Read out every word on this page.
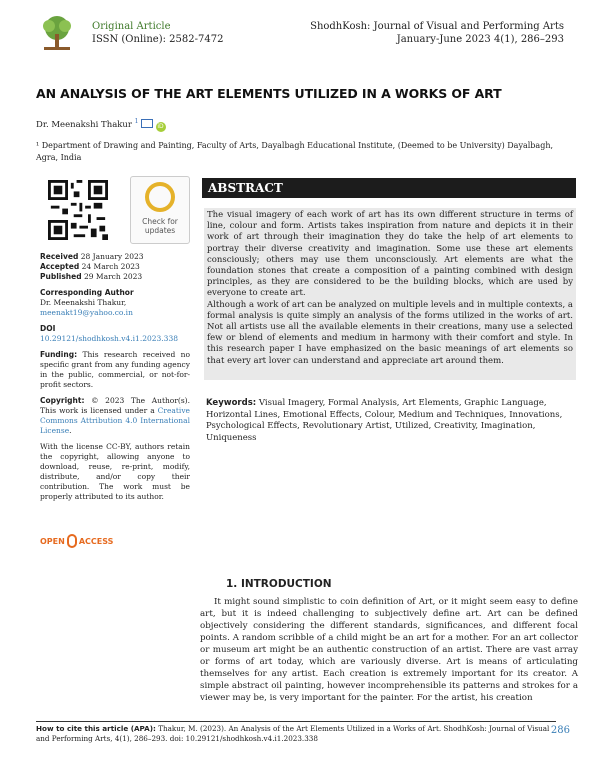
Original Article
ISSN (Online): 2582-7472
ShodhKosh: Journal of Visual and Performing Arts
January-June 2023 4(1), 286–293
AN ANALYSIS OF THE ART ELEMENTS UTILIZED IN A WORKS OF ART
Dr. Meenakshi Thakur $^1$iD
¹ Department of Drawing and Painting, Faculty of Arts, Dayalbagh Educational Institute, (Deemed to be University) Dayalbagh, Agra, India
Check for
updates

Received 28 January 2023

Accepted 24 March 2023

Published 29 March 2023

Corresponding Author

Dr. Meenakshi Thakur,

meenakt19@yahoo.co.in

DOI

10.29121/shodhkosh.v4.i1.2023.338

Funding: This research received no specific grant from any funding agency in the public, commercial, or not-for-profit sectors.

Copyright: © 2023 The Author(s). This work is licensed under a Creative Commons Attribution 4.0 International License.

With the license CC-BY, authors retain the copyright, allowing anyone to download, reuse, re-print, modify, distribute, and/or copy their contribution. The work must be properly attributed to its author.

OPEN ACCESS
ABSTRACT

The visual imagery of each work of art has its own different structure in terms of line, colour and form. Artists takes inspiration from nature and depicts it in their work of art through their imagination they do take the help of art elements to portray their diverse creativity and imagination. Some use these art elements consciously; others may use them unconsciously. Art elements are what the foundation stones that create a composition of a painting combined with design principles, as they are considered to be the building blocks, which are used by everyone to create art.

Although a work of art can be analyzed on multiple levels and in multiple contexts, a formal analysis is quite simply an analysis of the forms utilized in the works of art. Not all artists use all the available elements in their creations, many use a selected few or blend of elements and medium in harmony with their comfort and style. In this research paper I have emphasized on the basic meanings of art elements so that every art lover can understand and appreciate art around them.

Keywords: Visual Imagery, Formal Analysis, Art Elements, Graphic Language, Horizontal Lines, Emotional Effects, Colour, Medium and Techniques, Innovations, Psychological Effects, Revolutionary Artist, Utilized, Creativity, Imagination, Uniqueness
1. INTRODUCTION
It might sound simplistic to coin definition of Art, or it might seem easy to define art, but it is indeed challenging to subjectively define art. Art can be defined objectively considering the different standards, significances, and different focal points. A random scribble of a child might be an art for a mother. For an art collector or museum art might be an authentic construction of an artist. There are vast array or forms of art today, which are variously diverse. Art is means of articulating themselves for any artist. Each creation is extremely important for its creator. A simple abstract oil painting, however incomprehensible its patterns and strokes for a viewer may be, is very important for the painter. For the artist, his creation
How to cite this article (APA): Thakur, M. (2023). An Analysis of the Art Elements Utilized in a Works of Art. ShodhKosh: Journal of Visual and Performing Arts, 4(1), 286–293. doi: 10.29121/shodhkosh.v4.i1.2023.338
286
